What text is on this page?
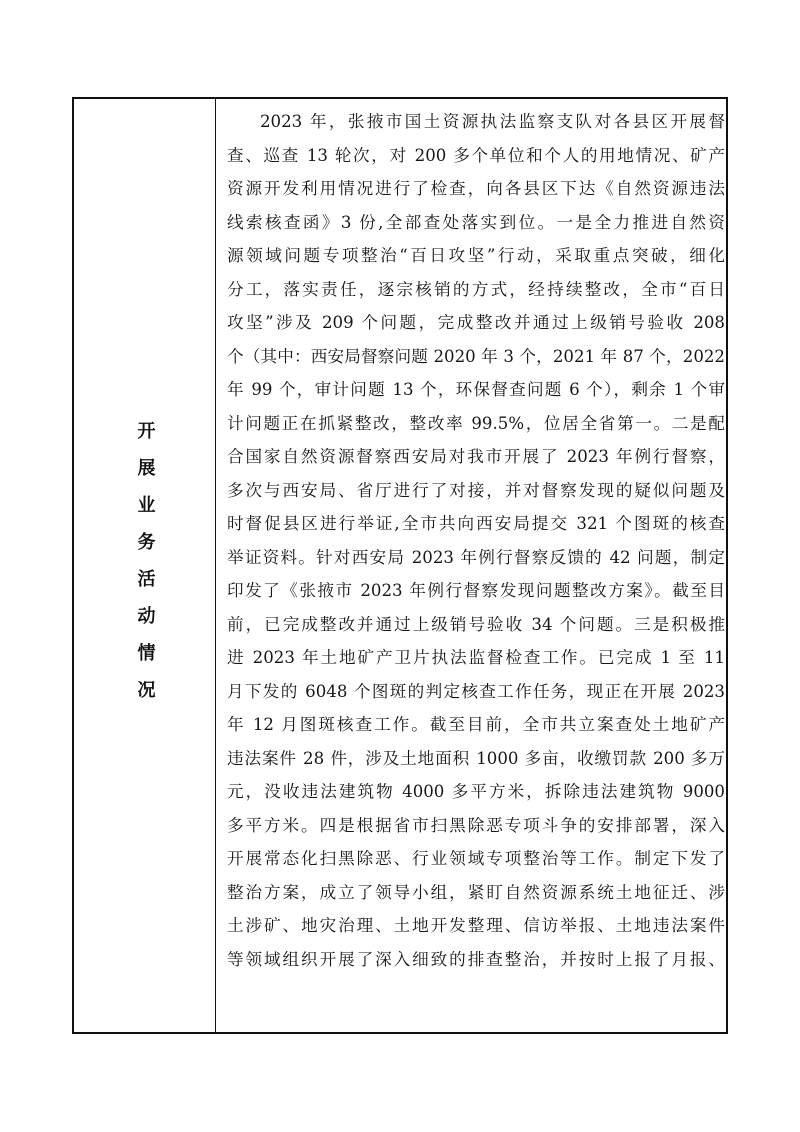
开展业务活动情况
2023 年，张掖市国土资源执法监察支队对各县区开展督
查、巡查 13 轮次，对 200 多个单位和个人的用地情况、矿产
资源开发利用情况进行了检查，向各县区下达《自然资源违法
线索核查函》3 份,全部查处落实到位。一是全力推进自然资
源领域问题专项整治“百日攻坚”行动，采取重点突破，细化
分工，落实责任，逐宗核销的方式，经持续整改，全市“百日
攻坚”涉及 209 个问题，完成整改并通过上级销号验收 208
个（其中：西安局督察问题 2020 年 3 个，2021 年 87 个，2022
年 99 个，审计问题 13 个，环保督查问题 6 个），剩余 1 个审
计问题正在抓紧整改，整改率 99.5%，位居全省第一。二是配
合国家自然资源督察西安局对我市开展了 2023 年例行督察，
多次与西安局、省厅进行了对接，并对督察发现的疑似问题及
时督促县区进行举证,全市共向西安局提交 321 个图斑的核查
举证资料。针对西安局 2023 年例行督察反馈的 42 问题，制定
印发了《张掖市 2023 年例行督察发现问题整改方案》。截至目
前，已完成整改并通过上级销号验收 34 个问题。三是积极推
进 2023 年土地矿产卫片执法监督检查工作。已完成 1 至 11
月下发的 6048 个图斑的判定核查工作任务，现正在开展 2023
年 12 月图斑核查工作。截至目前，全市共立案查处土地矿产
违法案件 28 件，涉及土地面积 1000 多亩，收缴罚款 200 多万
元，没收违法建筑物 4000 多平方米，拆除违法建筑物 9000
多平方米。四是根据省市扫黑除恶专项斗争的安排部署，深入
开展常态化扫黑除恶、行业领域专项整治等工作。制定下发了
整治方案，成立了领导小组，紧盯自然资源系统土地征迁、涉
土涉矿、地灾治理、土地开发整理、信访举报、土地违法案件
等领域组织开展了深入细致的排查整治，并按时上报了月报、
